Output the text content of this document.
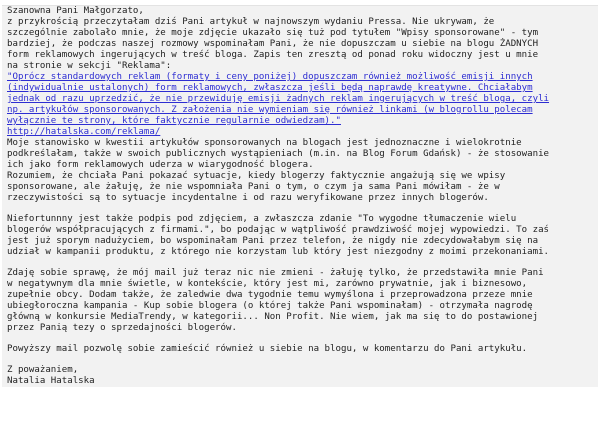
Szanowna Pani Małgorzato,
z przykrością przeczytałam dziś Pani artykuł w najnowszym wydaniu Pressa. Nie ukrywam, że
szczególnie zabolało mnie, że moje zdjęcie ukazało się tuż pod tytułem "Wpisy sponsorowane" - tym
bardziej, że podczas naszej rozmowy wspominałam Pani, że nie dopuszczam u siebie na blogu ŻADNYCH
form reklamowych ingerujących w treść bloga. Zapis ten zresztą od ponad roku widoczny jest u mnie
na stronie w sekcji "Reklama":
"Oprócz standardowych reklam (formaty i ceny poniżej) dopuszczam również możliwość emisji innych
(indywidualnie ustalonych) form reklamowych, zwłaszcza jeśli będą naprawdę kreatywne. Chciałabym
jednak od razu uprzedzić, że nie przewiduję emisji żadnych reklam ingerujących w treść bloga, czyli
np. artykułów sponsorowanych. Z założenia nie wymieniam się również linkami (w blogrollu polecam
wyłącznie te strony, które faktycznie regularnie odwiedzam)."
http://hatalska.com/reklama/
Moje stanowisko w kwestii artykułów sponsorowanych na blogach jest jednoznaczne i wielokrotnie
podkreślałam, także w swoich publicznych wystąpieniach (m.in. na Blog Forum Gdańsk) - że stosowanie
ich jako form reklamowych uderza w wiarygodność blogera.
Rozumiem, że chciała Pani pokazać sytuacje, kiedy blogerzy faktycznie angażują się we wpisy
sponsorowane, ale żałuję, że nie wspomniała Pani o tym, o czym ja sama Pani mówiłam - że w
rzeczywistości są to sytuacje incydentalne i od razu weryfikowane przez innych blogerów.

Niefortunnny jest także podpis pod zdjęciem, a zwłaszcza zdanie "To wygodne tłumaczenie wielu
blogerów współpracujących z firmami.", bo podając w wątpliwość prawdziwość mojej wypowiedzi. To zaś
jest już sporym nadużyciem, bo wspominałam Pani przez telefon, że nigdy nie zdecydowałabym się na
udział w kampanii produktu, z którego nie korzystam lub który jest niezgodny z moimi przekonaniami.

Zdaję sobie sprawę, że mój mail już teraz nic nie zmieni - żałuję tylko, że przedstawiła mnie Pani
w negatywnym dla mnie świetle, w kontekście, który jest mi, zarówno prywatnie, jak i biznesowo,
zupełnie obcy. Dodam także, że zaledwie dwa tygodnie temu wymyślona i przeprowadzona przeze mnie
ubiegłoroczna kampania - Kup sobie blogera (o której także Pani wspominałam) - otrzymała nagrodę
główną w konkursie MediaTrendy, w kategorii... Non Profit. Nie wiem, jak ma się to do postawionej
przez Panią tezy o sprzedajności blogerów.

Powyższy mail pozwolę sobie zamieścić również u siebie na blogu, w komentarzu do Pani artykułu.

Z poważaniem,
Natalia Hatalska
